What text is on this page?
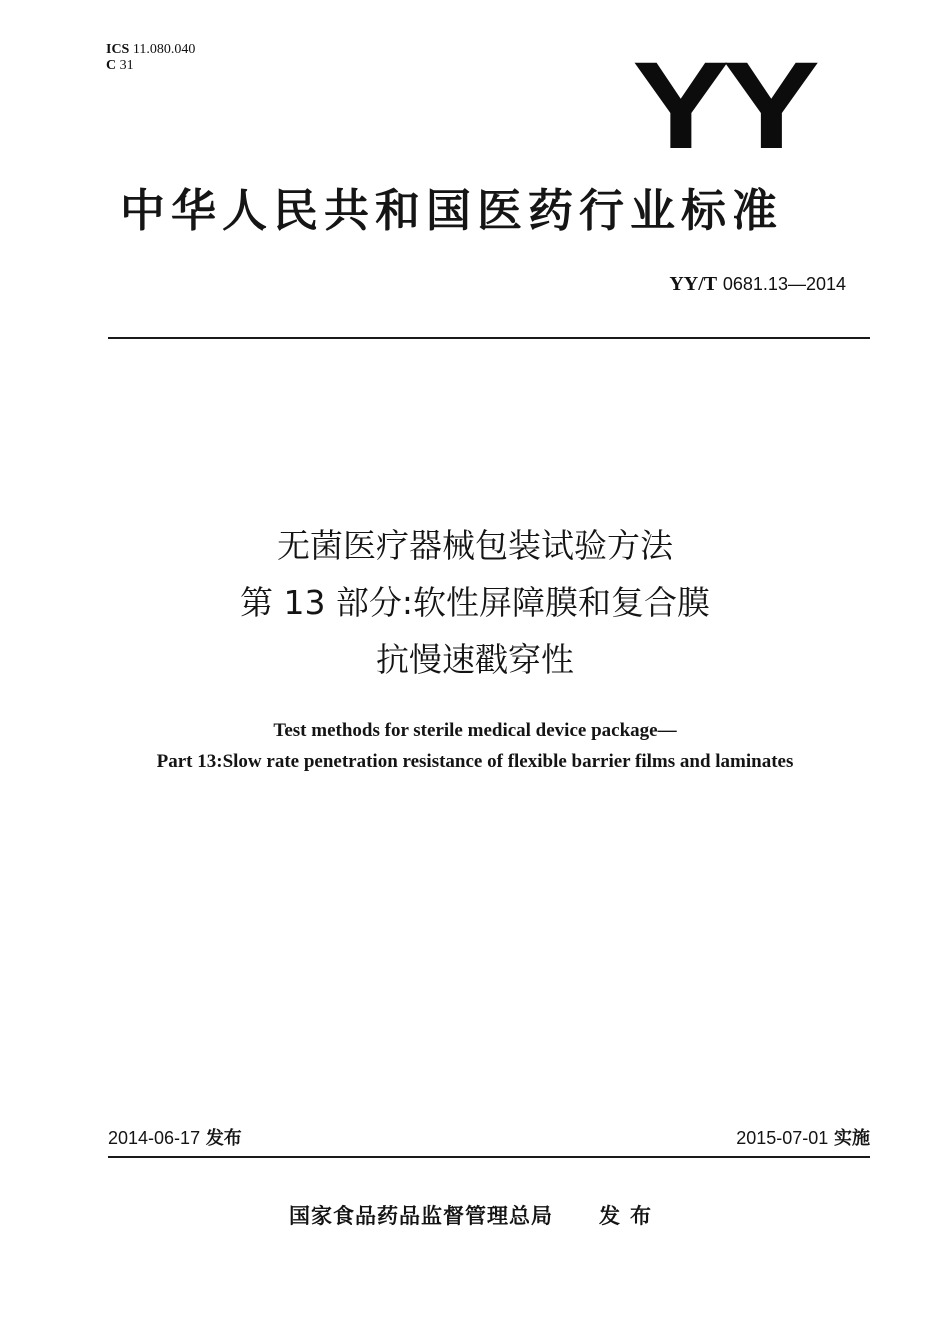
ICS 11.080.040
C 31	YY
中华人民共和国医药行业标准
YY/T 0681.13—2014
无菌医疗器械包装试验方法
第 13 部分:软性屏障膜和复合膜
抗慢速戳穿性
Test methods for sterile medical device package—
Part 13:Slow rate penetration resistance of flexible barrier films and laminates
2014-06-17 发布	2015-07-01 实施
国家食品药品监督管理总局 发布
